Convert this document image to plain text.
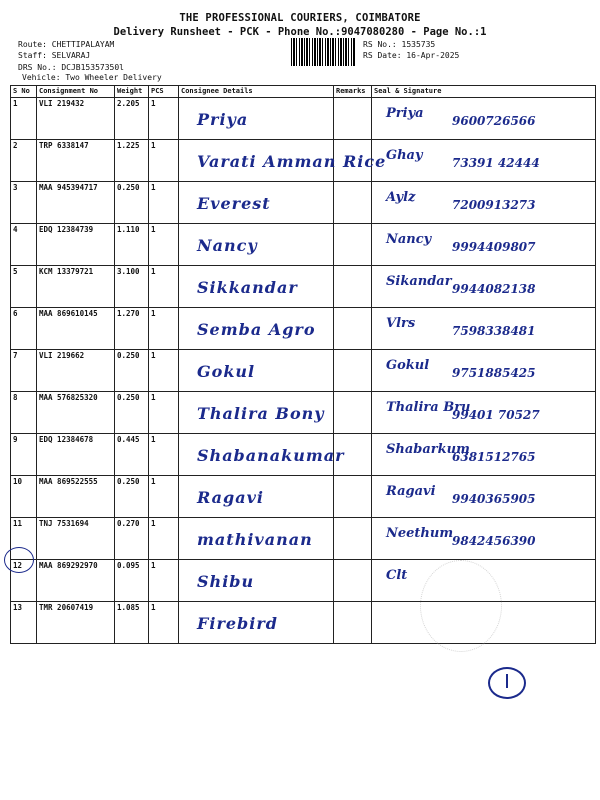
THE PROFESSIONAL COURIERS, COIMBATORE
Delivery Runsheet - PCK - Phone No.:9047080280 - Page No.:1
Route: CHETTIPALAYAM
Staff: SELVARAJ
DRS No.: DCJB15357350l
Vehicle: Two Wheeler Delivery
RS No.: 1535735
RS Date: 16-Apr-2025
S No	Consignment No	Weight	PCS	Consignee Details	Remarks	Seal & Signature
1	VLI 219432	2.205	1	Priya		Priya 9600726566

2	TRP 6338147	1.225	1	Varati Amman Rice		Ghay 73391 42444

3	MAA 945394717	0.250	1	Everest		Aylz 7200913273

4	EDQ 12384739	1.110	1	Nancy		Nancy 9994409807

5	KCM 13379721	3.100	1	Sikkandar		Sikandar 9944082138

6	MAA 869610145	1.270	1	Semba Agro		Vlrs 7598338481

7	VLI 219662	0.250	1	Gokul		Gokul 9751885425

8	MAA 576825320	0.250	1	Thalira Bony		Thalira Bru
99401 70527

9	EDQ 12384678	0.445	1	Shabanakumar		Shabarkum
6381512765

10	MAA 869522555	0.250	1	Ragavi		Ragavi 9940365905

11	TNJ 7531694	0.270	1	mathivanan		Neethum
9842456390

12	MAA 869292970	0.095	1	Shibu		Clt

13	TMR 20607419	1.085	1	Firebird		
